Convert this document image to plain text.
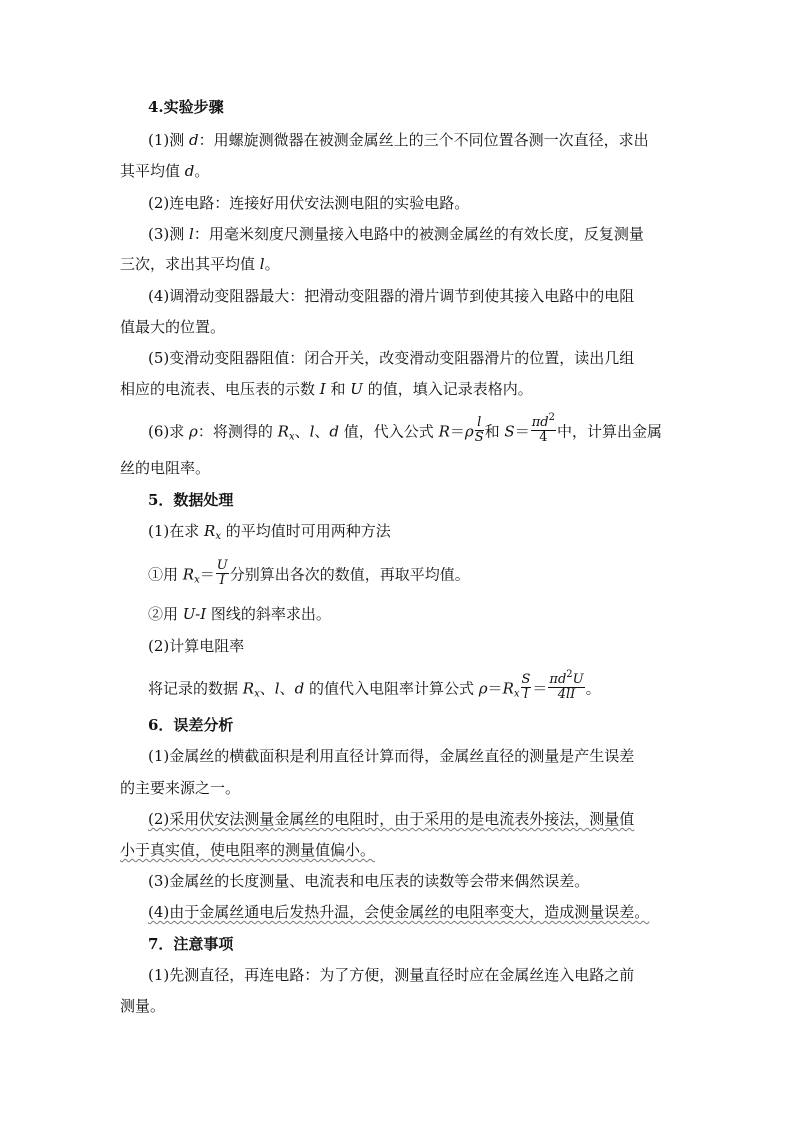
4.实验步骤
(1)测 d：用螺旋测微器在被测金属丝上的三个不同位置各测一次直径，求出
其平均值 d。
(2)连电路：连接好用伏安法测电阻的实验电路。
(3)测 l：用毫米刻度尺测量接入电路中的被测金属丝的有效长度，反复测量
三次，求出其平均值 l。
(4)调滑动变阻器最大：把滑动变阻器的滑片调节到使其接入电路中的电阻
值最大的位置。
(5)变滑动变阻器阻值：闭合开关，改变滑动变阻器滑片的位置，读出几组
相应的电流表、电压表的示数 I 和 U 的值，填入记录表格内。
(6)求 ρ：将测得的 $R_x$、l、d 值，代入公式 $R=\rho \frac{l}{S}$ 和 $S= \frac{\pi d^2}{4}$ 中，计算出金属
丝的电阻率。
5．数据处理
(1)在求 $R_x$ 的平均值时可用两种方法
①用 $R_x= \frac{U}{I}$ 分别算出各次的数值，再取平均值。
②用 U-I 图线的斜率求出。
(2)计算电阻率
将记录的数据 $R_x$、l、d 的值代入电阻率计算公式 $\rho=R_x \frac{S}{l} = \frac{\pi d^2U}{4lI}$ 。
6．误差分析
(1)金属丝的横截面积是利用直径计算而得，金属丝直径的测量是产生误差
的主要来源之一。
(2)采用伏安法测量金属丝的电阻时，由于采用的是电流表外接法，测量值
小于真实值，使电阻率的测量值偏小。
(3)金属丝的长度测量、电流表和电压表的读数等会带来偶然误差。
(4)由于金属丝通电后发热升温，会使金属丝的电阻率变大，造成测量误差。
7．注意事项
(1)先测直径，再连电路：为了方便，测量直径时应在金属丝连入电路之前
测量。
